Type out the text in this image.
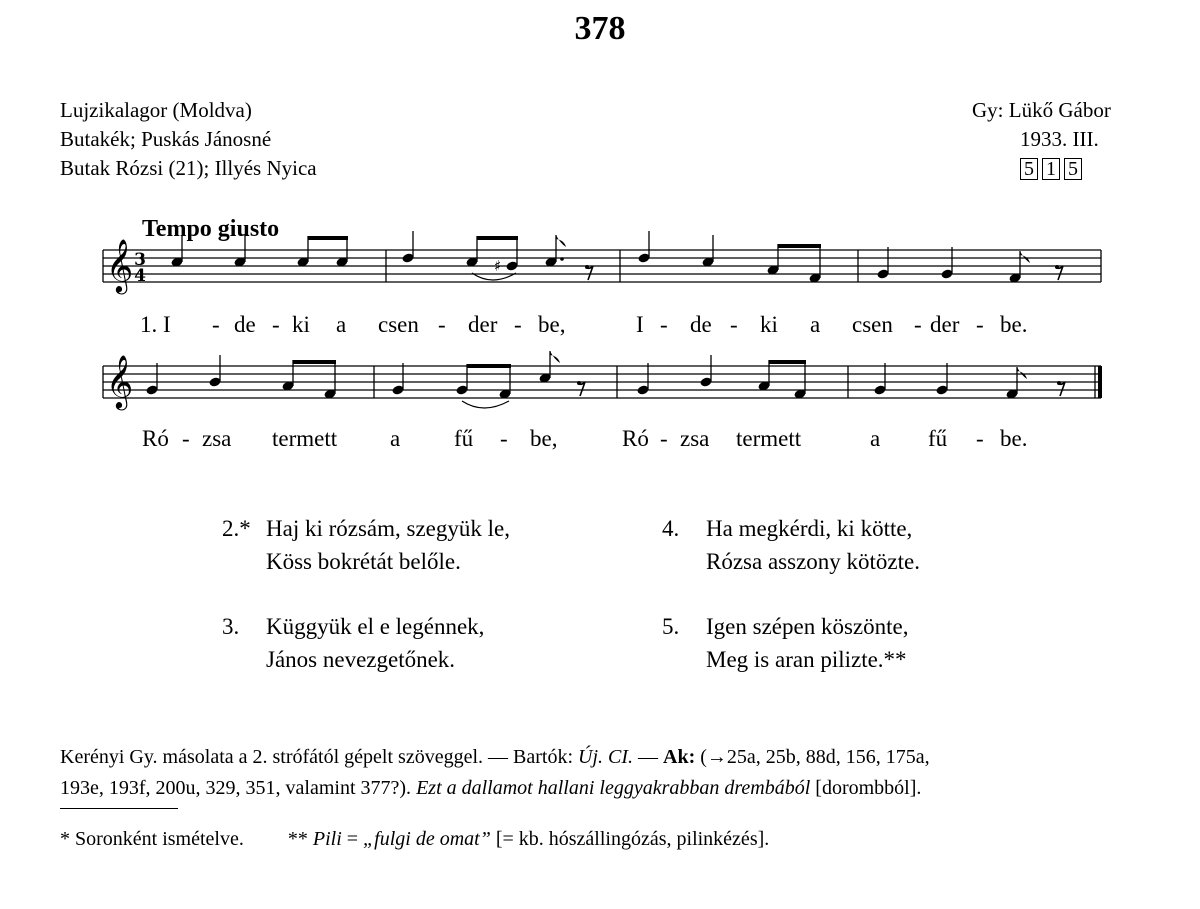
378
Lujzikalagor (Moldva)
Butakék; Puskás Jánosné
Butak Rózsi (21); Illyés Nyica
Gy: Lükő Gábor
1933. III.
5 1 5
Tempo giusto
𝄞
𝄞
3
4	♯
1. I - de - ki a csen - der - be,	I - de - ki a csen - der - be.
Ró - zsa termett a fű - be,	Ró - zsa termett	a fű - be.
2.* Haj ki rózsám, szegyük le,
Köss bokrétát belőle.
3. Küggyük el e legénnek,
János nevezgetőnek.
4. Ha megkérdi, ki kötte,
Rózsa asszony kötözte.
5. Igen szépen köszönte,
Meg is aran pilizte.**
Kerényi Gy. másolata a 2. strófától gépelt szöveggel. — Bartók: Új. CI. — Ak: (→25a, 25b, 88d, 156, 175a,
193e, 193f, 200u, 329, 351, valamint 377?). Ezt a dallamot hallani leggyakrabban drembából [dorombból].
* Soronként ismételve. ** Pili = „fulgi de omat” [= kb. hószállingózás, pilinkézés].
